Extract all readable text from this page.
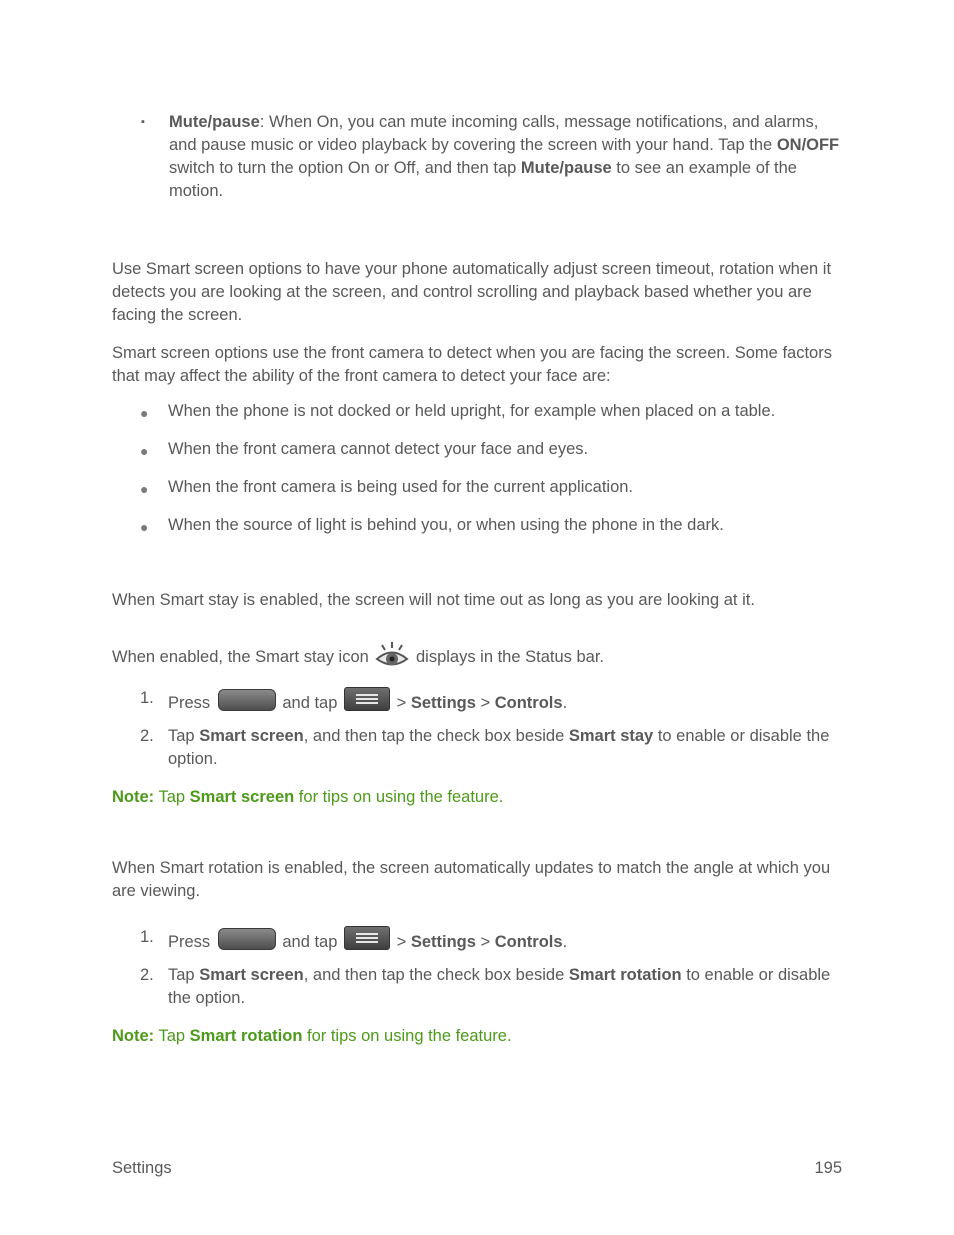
▪ Mute/pause: When On, you can mute incoming calls, message notifications, and alarms, and pause music or video playback by covering the screen with your hand. Tap the ON/OFF switch to turn the option On or Off, and then tap Mute/pause to see an example of the motion.

Use Smart screen options to have your phone automatically adjust screen timeout, rotation when it detects you are looking at the screen, and control scrolling and playback based whether you are facing the screen.

Smart screen options use the front camera to detect when you are facing the screen. Some factors that may affect the ability of the front camera to detect your face are:

● When the phone is not docked or held upright, for example when placed on a table.
● When the front camera cannot detect your face and eyes.
● When the front camera is being used for the current application.
● When the source of light is behind you, or when using the phone in the dark.

When Smart stay is enabled, the screen will not time out as long as you are looking at it.

When enabled, the Smart stay icon  displays in the Status bar.

1. Press	and tap	> Settings > Controls.

2. Tap Smart screen, and then tap the check box beside Smart stay to enable or disable the option.

Note: Tap Smart screen for tips on using the feature.

When Smart rotation is enabled, the screen automatically updates to match the angle at which you are viewing.

1. Press	and tap	> Settings > Controls.

2. Tap Smart screen, and then tap the check box beside Smart rotation to enable or disable the option.

Note: Tap Smart rotation for tips on using the feature.

Settings	195
